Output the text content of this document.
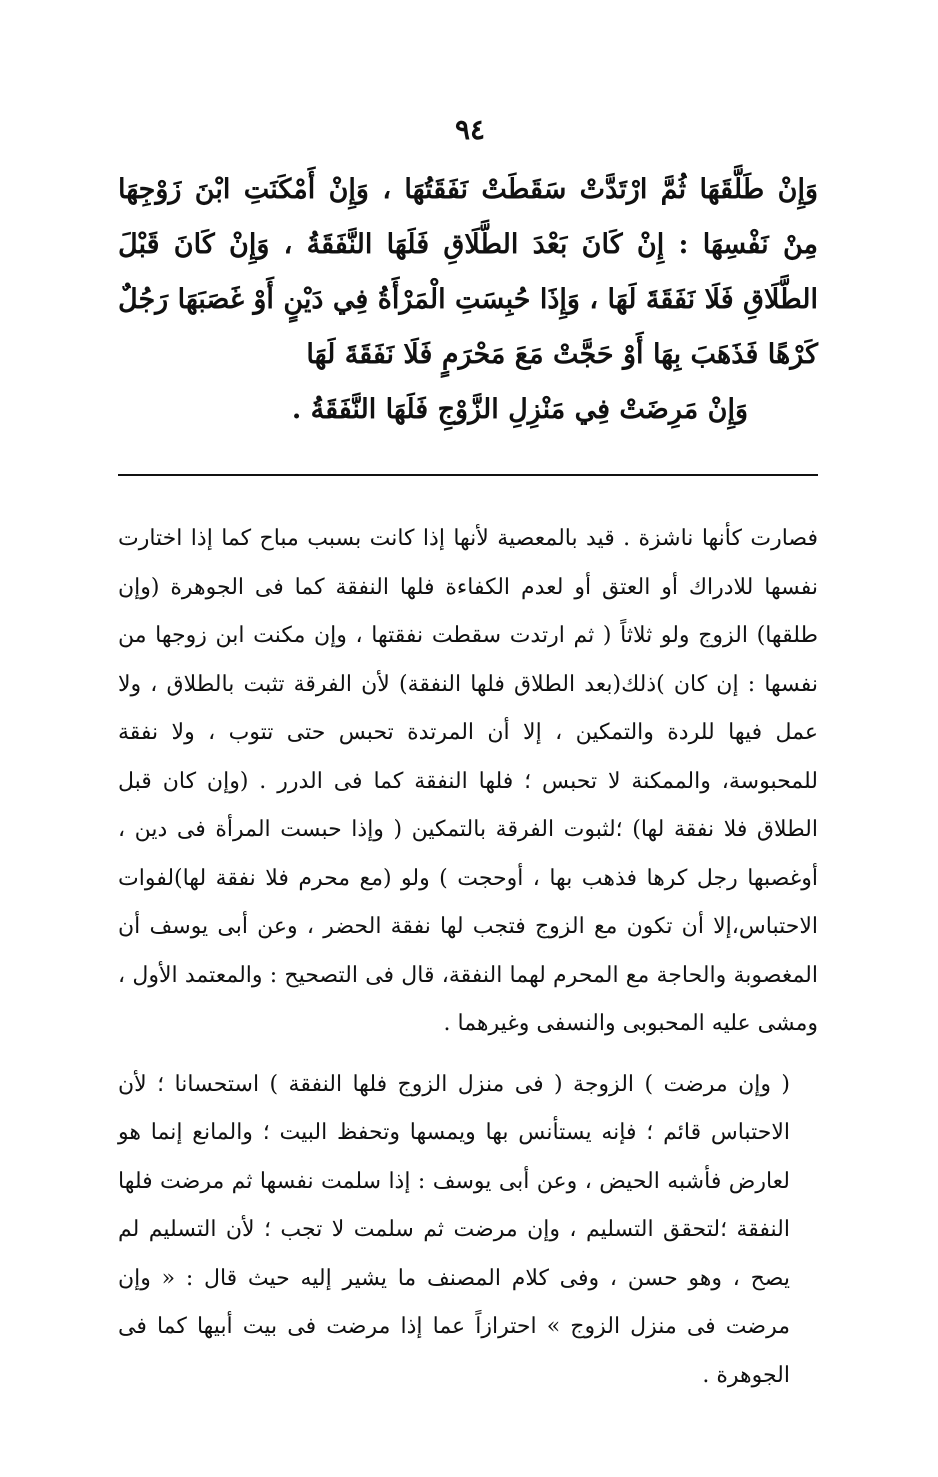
٩٤

وَإِنْ طَلَّقَهَا ثُمَّ ارْتَدَّتْ سَقَطَتْ نَفَقَتُهَا ، وَإِنْ أَمْكَنَتِ ابْنَ زَوْجِهَا مِنْ نَفْسِهَا : إِنْ كَانَ بَعْدَ الطَّلَاقِ فَلَهَا النَّفَقَةُ ، وَإِنْ كَانَ قَبْلَ الطَّلَاقِ فَلَا نَفَقَةَ لَهَا ، وَإِذَا حُبِسَتِ الْمَرْأَةُ فِي دَيْنٍ أَوْ غَصَبَهَا رَجُلٌ كَرْهًا فَذَهَبَ بِهَا أَوْ حَجَّتْ مَعَ مَحْرَمٍ فَلَا نَفَقَةَ لَهَا

وَإِنْ مَرِضَتْ فِي مَنْزِلِ الزَّوْجِ فَلَهَا النَّفَقَةُ .

فصارت كأنها ناشزة . قيد بالمعصية لأنها إذا كانت بسبب مباح كما إذا اختارت نفسها للادراك أو العتق أو لعدم الكفاءة فلها النفقة كما فى الجوهرة (وإن طلقها) الزوج ولو ثلاثاً ( ثم ارتدت سقطت نفقتها ، وإن مكنت ابن زوجها من نفسها : إن كان )ذلك(بعد الطلاق فلها النفقة) لأن الفرقة تثبت بالطلاق ، ولا عمل فيها للردة والتمكين ، إلا أن المرتدة تحبس حتى تتوب ، ولا نفقة للمحبوسة، والممكنة لا تحبس ؛ فلها النفقة كما فى الدرر . (وإن كان قبل الطلاق فلا نفقة لها) ؛لثبوت الفرقة بالتمكين ( وإذا حبست المرأة فى دين ، أوغصبها رجل كرها فذهب بها ، أوحجت ) ولو (مع محرم فلا نفقة لها)لفوات الاحتباس،إلا أن تكون مع الزوج فتجب لها نفقة الحضر ، وعن أبى يوسف أن المغصوبة والحاجة مع المحرم لهما النفقة، قال فى التصحيح : والمعتمد الأول ، ومشى عليه المحبوبى والنسفى وغيرهما .

( وإن مرضت ) الزوجة ( فى منزل الزوج فلها النفقة ) استحسانا ؛ لأن الاحتباس قائم ؛ فإنه يستأنس بها ويمسها وتحفظ البيت ؛ والمانع إنما هو لعارض فأشبه الحيض ، وعن أبى يوسف : إذا سلمت نفسها ثم مرضت فلها النفقة ؛لتحقق التسليم ، وإن مرضت ثم سلمت لا تجب ؛ لأن التسليم لم يصح ، وهو حسن ، وفى كلام المصنف ما يشير إليه حيث قال : « وإن مرضت فى منزل الزوج » احترازاً عما إذا مرضت فى بيت أبيها كما فى الجوهرة .
